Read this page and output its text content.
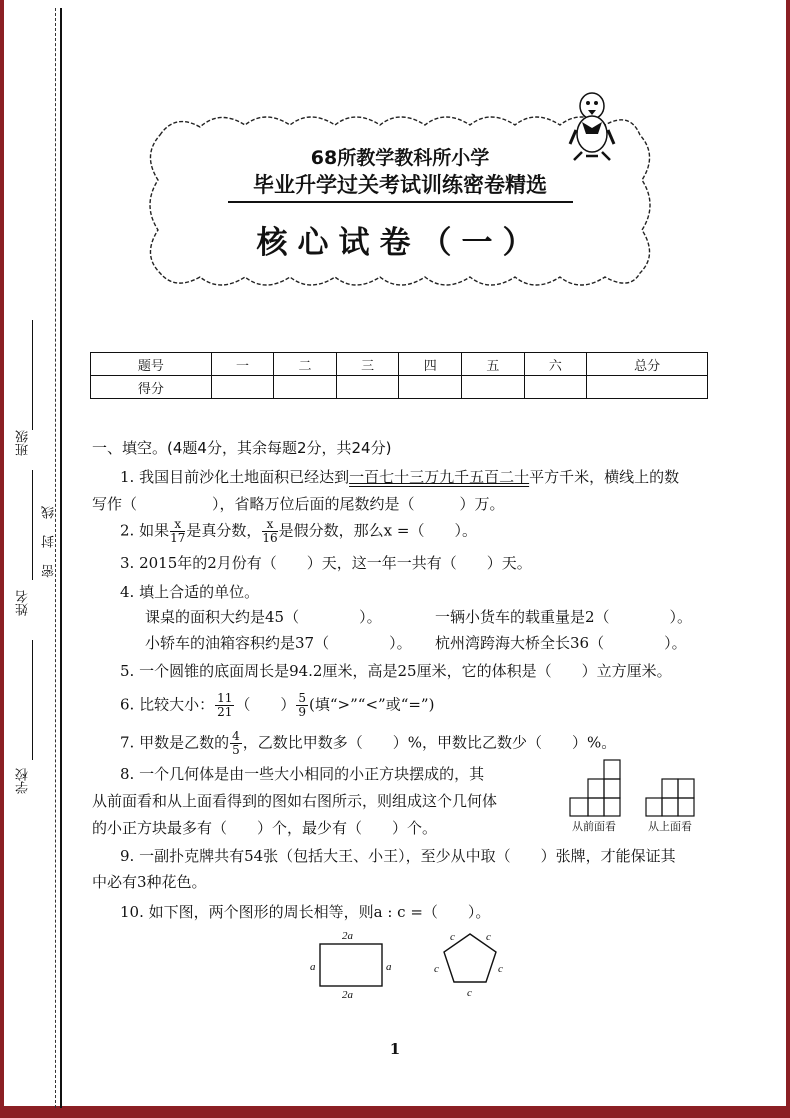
班级
姓名
学校
密 封 线
68所教学教科所小学
毕业升学过关考试训练密卷精选
核心试卷（一）
题号	一	二	三	四	五	六	总分
得分							
一、填空。(4题4分，其余每题2分，共24分)
1. 我国目前沙化土地面积已经达到一百七十三万九千五百二十平方千米，横线上的数
写作（　　　　　），省略万位后面的尾数约是（　　　）万。
2. 如果 $\frac{x}{17}$ 是真分数， $\frac{x}{16}$ 是假分数，那么x =（　　）。
3. 2015年的2月份有（　　）天，这一年一共有（　　）天。
4. 填上合适的单位。
课桌的面积大约是45（　　　　）。	一辆小货车的载重量是2（　　　　）。
小轿车的油箱容积约是37（　　　　）。 杭州湾跨海大桥全长36（　　　　）。
5. 一个圆锥的底面周长是94.2厘米，高是25厘米，它的体积是（　　）立方厘米。
6. 比较大小： $\frac{11}{21}$ （　　） $\frac{5}{9}$ (填“>”“<”或“=”)
7. 甲数是乙数的 $\frac{4}{5}$ ，乙数比甲数多（　　）%，甲数比乙数少（　　）%。
8. 一个几何体是由一些大小相同的小正方块摆成的，其
从前面看和从上面看得到的图如右图所示，则组成这个几何体
的小正方块最多有（　　）个，最少有（　　）个。	从前面看	从上面看
9. 一副扑克牌共有54张（包括大王、小王），至少从中取（　　）张牌，才能保证其
中必有3种花色。
10. 如下图，两个图形的周长相等，则a : c =（　　）。
2a
2a
a	a
c	c
c	c
c
1
